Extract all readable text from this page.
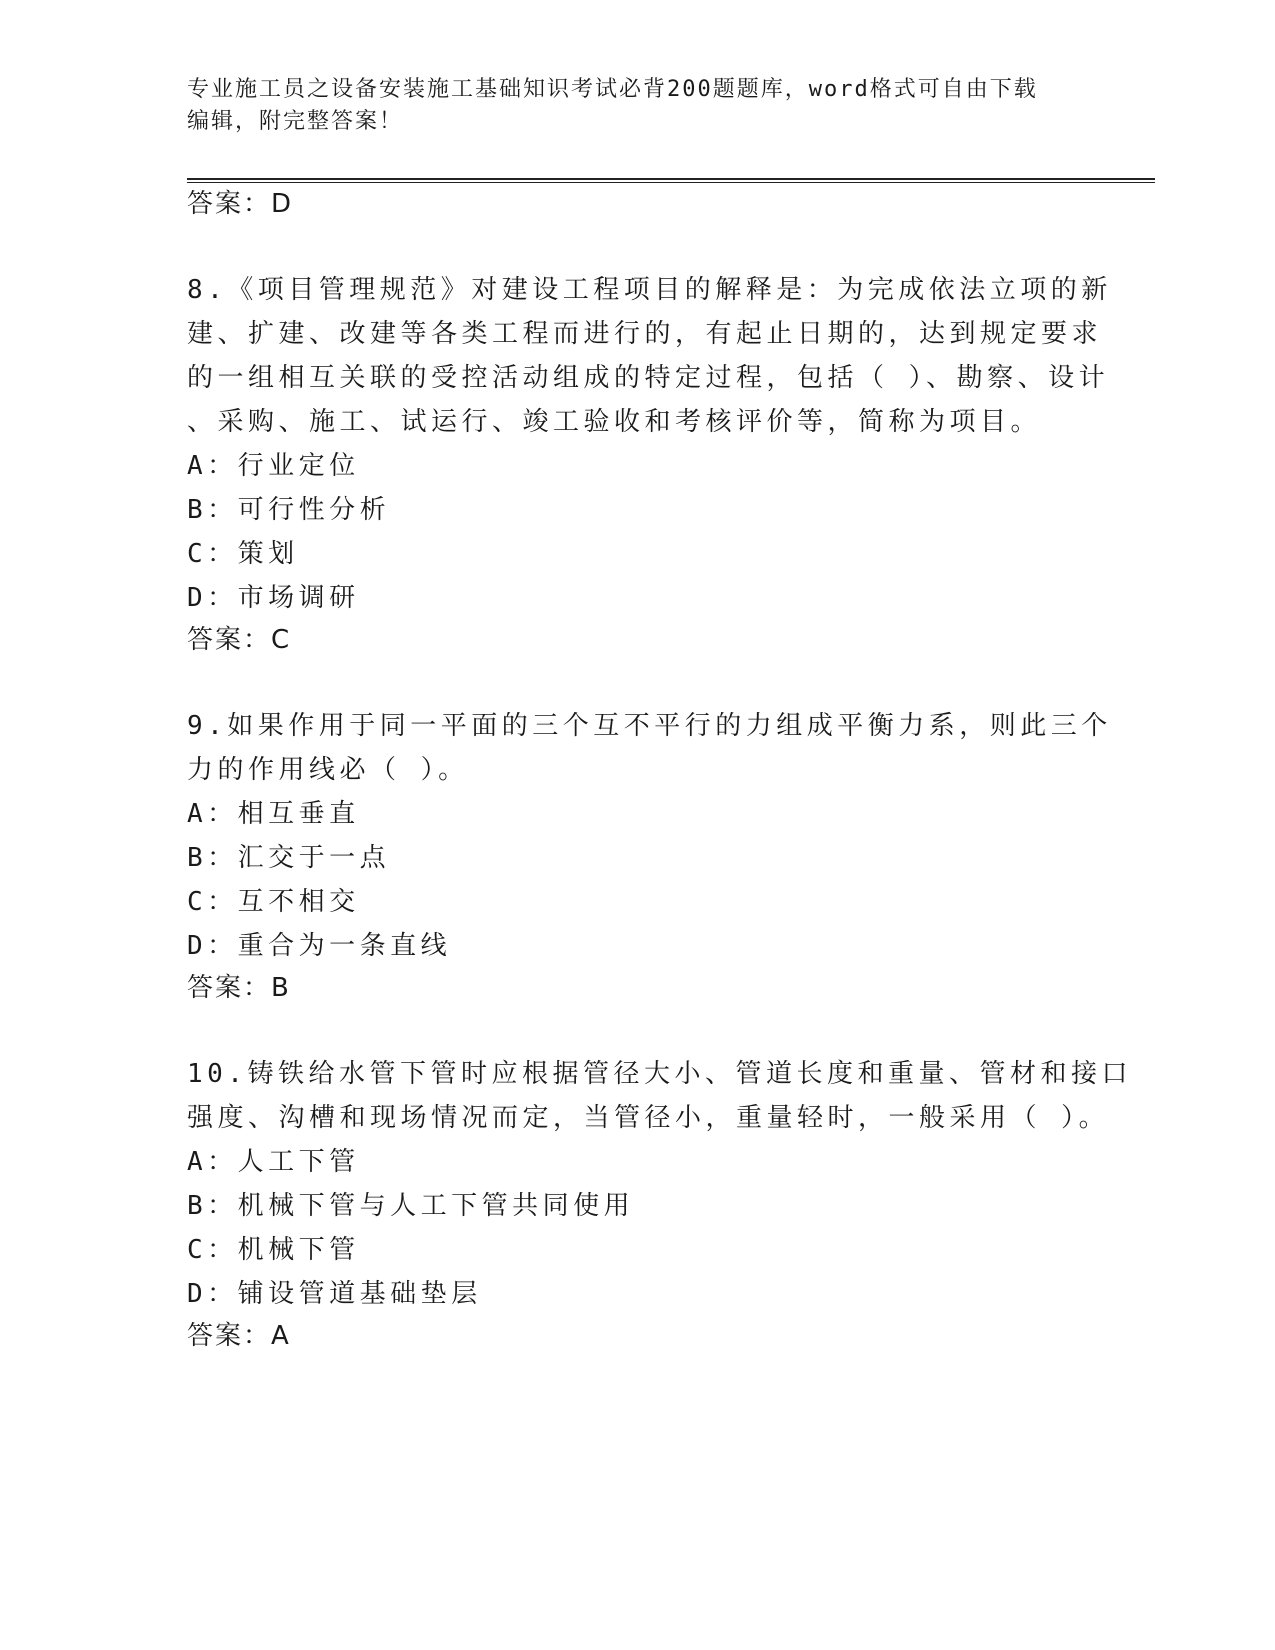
专业施工员之设备安装施工基础知识考试必背200题题库，word格式可自由下载
编辑，附完整答案！
答案：D
8.《项目管理规范》对建设工程项目的解释是：为完成依法立项的新
建、扩建、改建等各类工程而进行的，有起止日期的，达到规定要求
的一组相互关联的受控活动组成的特定过程，包括（ ）、勘察、设计
、采购、施工、试运行、竣工验收和考核评价等，简称为项目。
A：行业定位
B：可行性分析
C：策划
D：市场调研
答案：C
9.如果作用于同一平面的三个互不平行的力组成平衡力系，则此三个
力的作用线必（ ）。
A：相互垂直
B：汇交于一点
C：互不相交
D：重合为一条直线
答案：B
10.铸铁给水管下管时应根据管径大小、管道长度和重量、管材和接口
强度、沟槽和现场情况而定，当管径小，重量轻时，一般采用（ ）。
A：人工下管
B：机械下管与人工下管共同使用
C：机械下管
D：铺设管道基础垫层
答案：A
